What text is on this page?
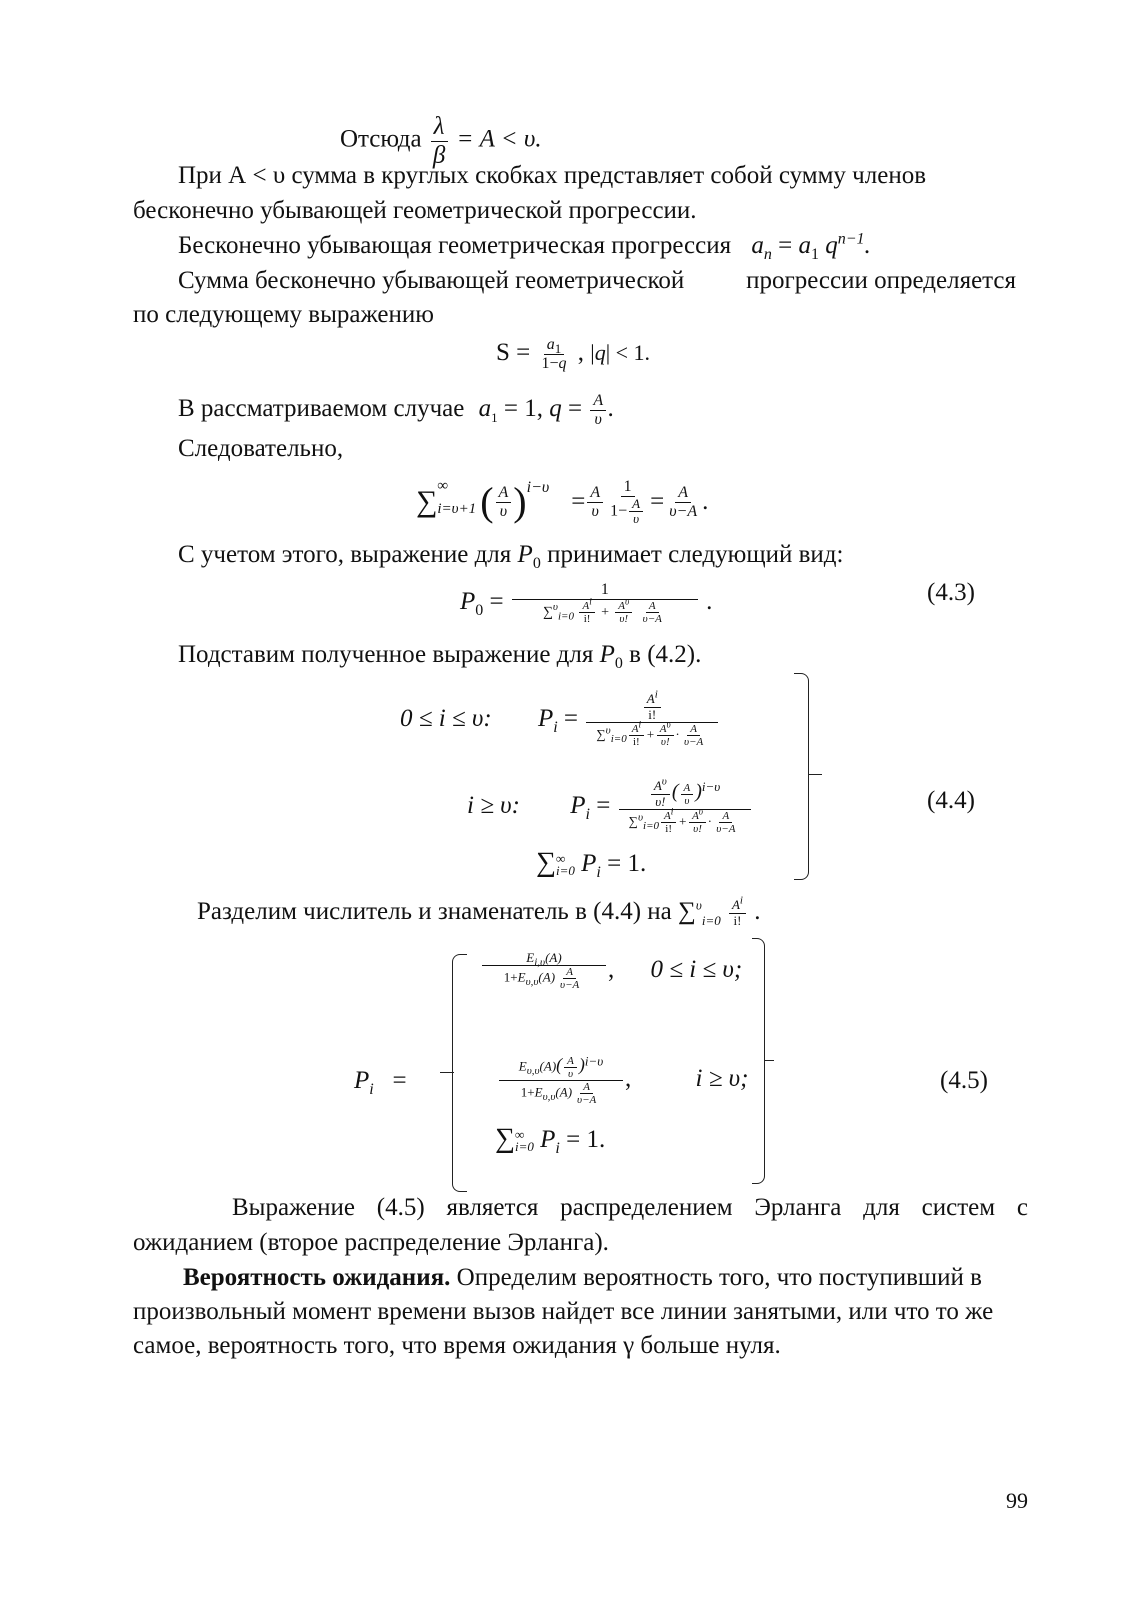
Отсюда $\frac{\lambda}{\beta} = A < \upsilon$.
При А < υ сумма в круглых скобках представляет собой сумму членов
бесконечно убывающей геометрической прогрессии.
Бесконечно убывающая геометрическая прогрессия $a_n = a_1$ $q^{n-1}$.
Сумма бесконечно убывающей геометрической прогрессии определяется
по следующему выражению
$S = \frac{a_1}{1-q}$ , |q| < 1.
В рассматриваемом случае $a_1 = 1$, $q = \frac{A}{\upsilon}$ .
Следовательно,
∑ ∞
i=υ+1 ( $\frac{A}{\upsilon} )^{i-\upsilon}$
= $\frac{A}{\upsilon} \frac{1}{1- \frac{A}{\upsilon}} = \frac{A}{\upsilon-A}$ .
С учетом этого, выражение для $P_0$ принимает следующий вид:
$P_0 = 1$
$\sum^\upsilon_{i=0} \frac{A^i}{i!} + \frac{A^\upsilon}{\upsilon!}$
$\frac{A}{\upsilon-A}$ .	(4.3)
Подставим полученное выражение для $P_0$ в (4.2).
0 ≤ i ≤ υ: $P_i = \frac{\frac{A^i}{i!}}{\sum^\upsilon_{i=0} \frac{A^i}{i!} + \frac{A^\upsilon}{\upsilon!} \cdot \frac{A}{\upsilon-A}}$
i ≥ υ: $P_i = \frac{\frac{A^\upsilon}{\upsilon!} ( \frac{A}{\upsilon} )^{i-\upsilon}}{\sum^\upsilon_{i=0} \frac{A^i}{i!} + \frac{A^\upsilon}{\upsilon!} \cdot \frac{A}{\upsilon-A}}$
∑ ∞
i=0 $P_i = 1$.
(4.4)
Разделим числитель и знаменатель в (4.4) на $\sum^\upsilon_{i=0} \frac{A^i}{i!}$ .
$P_i$   =
$\frac{E_{i,\upsilon}(A)}{1+E_{\upsilon,\upsilon}(A) \frac{A}{\upsilon-A}}$ , 0 ≤ i ≤ υ;
$\frac{E_{\upsilon,\upsilon}(A)( \frac{A}{\upsilon} )^{i-\upsilon}}{1+E_{\upsilon,\upsilon}(A) \frac{A}{\upsilon-A}}$ , i ≥ υ;
∑ ∞
i=0 $P_i = 1$.
(4.5)
Выражение (4.5) является распределением Эрланга для систем с
ожиданием (второе распределение Эрланга).
Вероятность ожидания. Определим вероятность того, что поступивший в
произвольный момент времени вызов найдет все линии занятыми, или что то же
самое, вероятность того, что время ожидания γ больше нуля.
99
